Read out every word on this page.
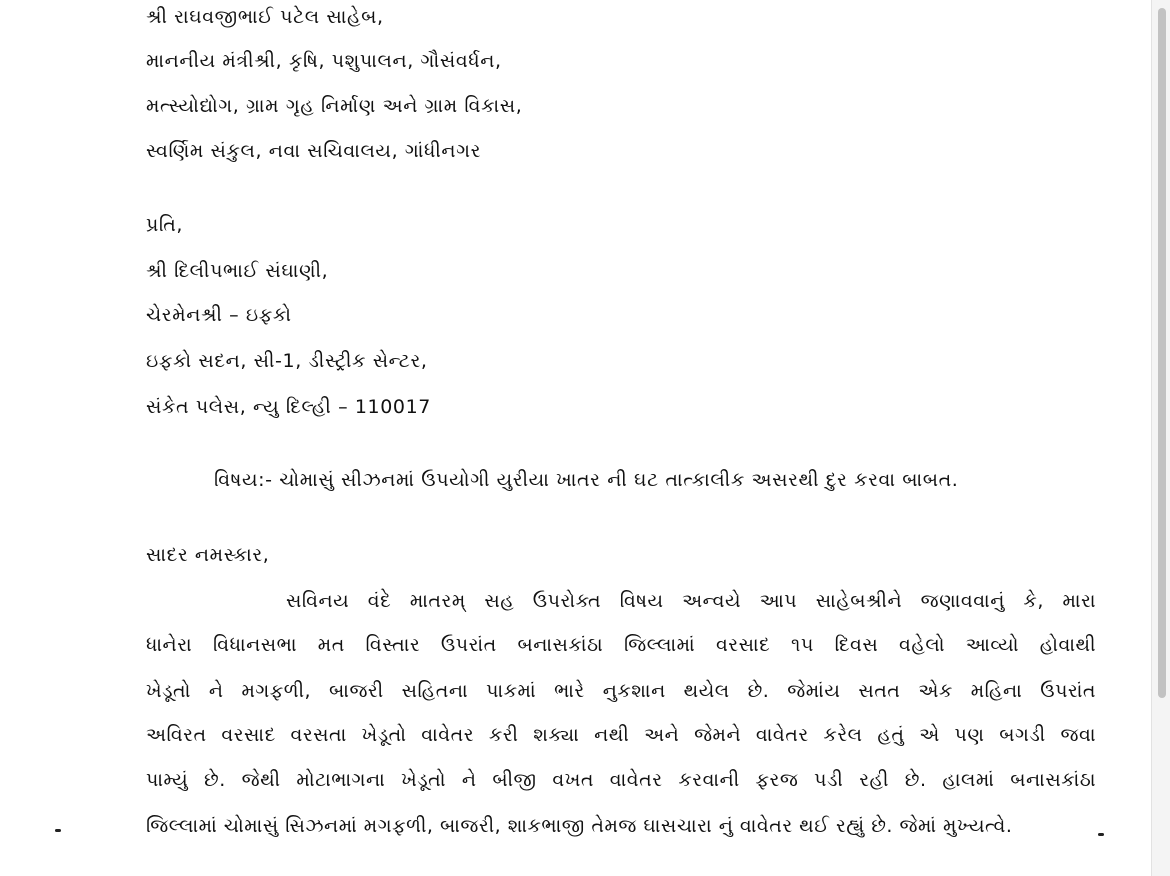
શ્રી રાઘવજીભાઈ પટેલ સાહેબ,
માનનીય મંત્રીશ્રી, કૃષિ, પશુપાલન, ગૌસંવર્ધન,
મત્સ્યોદ્યોગ, ગ્રામ ગૃહ નિર્માણ અને ગ્રામ વિકાસ,
સ્વર્ણિમ સંકુલ, નવા સચિવાલય, ગાંધીનગર
પ્રતિ,
શ્રી દિલીપભાઈ સંઘાણી,
ચેરમેનશ્રી – ઇફકો
ઇફકો સદન, સી-1, ડીસ્ટ્રીક સેન્ટર,
સંકેત પલેસ, ન્યુ દિલ્હી – 110017
વિષય:- ચોમાસું સીઝનમાં ઉપયોગી યુરીયા ખાતર ની ઘટ તાત્કાલીક અસરથી દુર કરવા બાબત.
સાદર નમસ્કાર,
સવિનય વંદે માતરમ્ સહ ઉપરોક્ત વિષય અન્વયે આપ સાહેબશ્રીને જણાવવાનું કે, મારા
ધાનેરા વિધાનસભા મત વિસ્તાર ઉપરાંત બનાસકાંઠા જિલ્લામાં વરસાદ ૧૫ દિવસ વહેલો આવ્યો હોવાથી
ખેડૂતો ને મગફળી, બાજરી સહિતના પાકમાં ભારે નુકશાન થયેલ છે. જેમાંય સતત એક મહિના ઉપરાંત
અવિરત વરસાદ વરસતા ખેડૂતો વાવેતર કરી શક્યા નથી અને જેમને વાવેતર કરેલ હતું એ પણ બગડી જવા
પામ્યું છે. જેથી મોટાભાગના ખેડૂતો ને બીજી વખત વાવેતર કરવાની ફરજ પડી રહી છે. હાલમાં બનાસકાંઠા
જિલ્લામાં ચોમાસું સિઝનમાં મગફળી, બાજરી, શાકભાજી તેમજ ઘાસચારા નું વાવેતર થઈ રહ્યું છે. જેમાં મુખ્યત્વે.
